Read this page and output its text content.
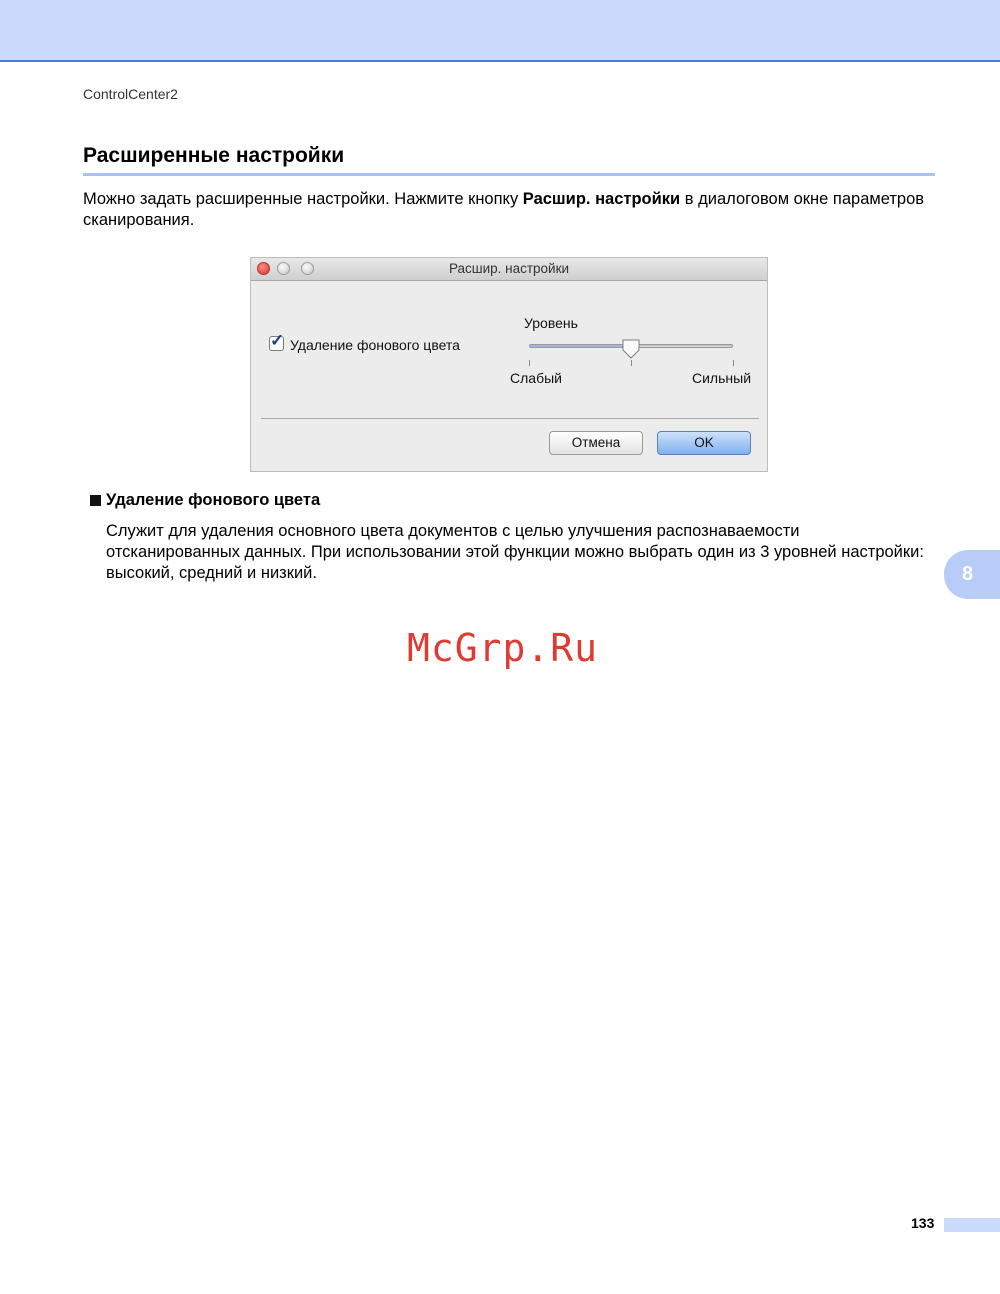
ControlCenter2
Расширенные настройки
Можно задать расширенные настройки. Нажмите кнопку Расшир. настройки в диалоговом окне параметров сканирования.
Расшир. настройки
✓ Удаление фонового цвета
Уровень
Слабый	Сильный
Отмена	OK
Удаление фонового цвета
Служит для удаления основного цвета документов с целью улучшения распознаваемости отсканированных данных. При использовании этой функции можно выбрать один из 3 уровней настройки: высокий, средний и низкий.	8
McGrp.Ru
133
